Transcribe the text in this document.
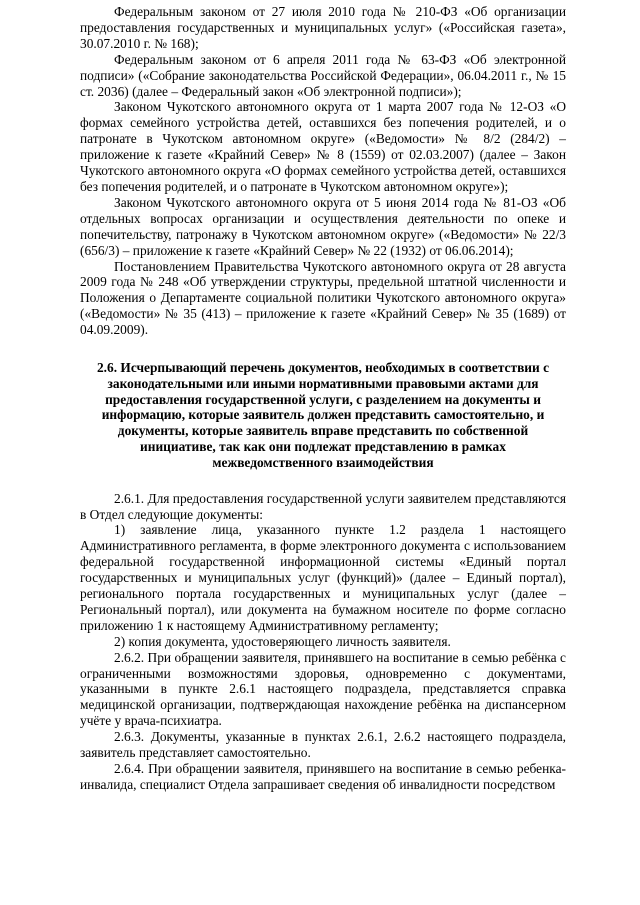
Федеральным законом от 27 июля 2010 года № 210-ФЗ «Об организации предоставления государственных и муниципальных услуг» («Российская газета», 30.07.2010 г. № 168);

Федеральным законом от 6 апреля 2011 года № 63-ФЗ «Об электронной подписи» («Собрание законодательства Российской Федерации», 06.04.2011 г., № 15 ст. 2036) (далее – Федеральный закон «Об электронной подписи»);

Законом Чукотского автономного округа от 1 марта 2007 года № 12-ОЗ «О формах семейного устройства детей, оставшихся без попечения родителей, и о патронате в Чукотском автономном округе» («Ведомости» № 8/2 (284/2) – приложение к газете «Крайний Север» № 8 (1559) от 02.03.2007) (далее – Закон Чукотского автономного округа «О формах семейного устройства детей, оставшихся без попечения родителей, и о патронате в Чукотском автономном округе»);

Законом Чукотского автономного округа от 5 июня 2014 года № 81-ОЗ «Об отдельных вопросах организации и осуществления деятельности по опеке и попечительству, патронажу в Чукотском автономном округе» («Ведомости» № 22/3 (656/3) – приложение к газете «Крайний Север» № 22 (1932) от 06.06.2014);

Постановлением Правительства Чукотского автономного округа от 28 августа 2009 года № 248 «Об утверждении структуры, предельной штатной численности и Положения о Департаменте социальной политики Чукотского автономного округа» («Ведомости» № 35 (413) – приложение к газете «Крайний Север» № 35 (1689) от 04.09.2009).

2.6. Исчерпывающий перечень документов, необходимых в соответствии с законодательными или иными нормативными правовыми актами для предоставления государственной услуги, с разделением на документы и информацию, которые заявитель должен представить самостоятельно, и документы, которые заявитель вправе представить по собственной инициативе, так как они подлежат представлению в рамках межведомственного взаимодействия

2.6.1. Для предоставления государственной услуги заявителем представляются в Отдел следующие документы:

1) заявление лица, указанного пункте 1.2 раздела 1 настоящего Административного регламента, в форме электронного документа с использованием федеральной государственной информационной системы «Единый портал государственных и муниципальных услуг (функций)» (далее – Единый портал), регионального портала государственных и муниципальных услуг (далее – Региональный портал), или документа на бумажном носителе по форме согласно приложению 1 к настоящему Административному регламенту;

2) копия документа, удостоверяющего личность заявителя.

2.6.2. При обращении заявителя, принявшего на воспитание в семью ребёнка с ограниченными возможностями здоровья, одновременно с документами, указанными в пункте 2.6.1 настоящего подраздела, представляется справка медицинской организации, подтверждающая нахождение ребёнка на диспансерном учёте у врача-психиатра.

2.6.3. Документы, указанные в пунктах 2.6.1, 2.6.2 настоящего подраздела, заявитель представляет самостоятельно.

2.6.4. При обращении заявителя, принявшего на воспитание в семью ребенка-инвалида, специалист Отдела запрашивает сведения об инвалидности посредством
